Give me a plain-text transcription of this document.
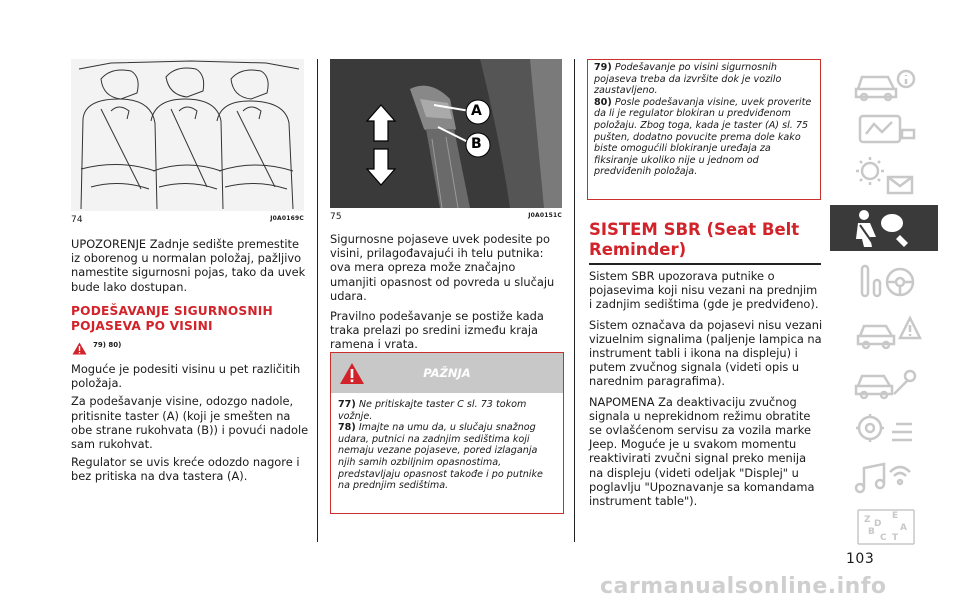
74	J0A0169C

UPOZORENJE Zadnje sedište premestite iz oborenog u normalan položaj, pažljivo namestite sigurnosni pojas, tako da uvek bude lako dostupan.

PODEŠAVANJE SIGURNOSNIH POJASEVA PO VISINI
79) 80)

Moguće je podesiti visinu u pet različitih položaja.

Za podešavanje visine, odozgo nadole, pritisnite taster (A) (koji je smešten na obe strane rukohvata (B)) i povući nadole sam rukohvat.

Regulator se uvis kreće odozdo nagore i bez pritiska na dva tastera (A).

A
B
75	J0A0151C

Sigurnosne pojaseve uvek podesite po visini, prilagođavajući ih telu putnika: ova mera opreza može značajno umanjiti opasnost od povreda u slučaju udara.

Pravilno podešavanje se postiže kada traka prelazi po sredini između kraja ramena i vrata.

PAŽNJA

77) Ne pritiskajte taster C sl. 73 tokom vožnje.

78) Imajte na umu da, u slučaju snažnog udara, putnici na zadnjim sedištima koji nemaju vezane pojaseve, pored izlaganja njih samih ozbiljnim opasnostima, predstavljaju opasnost takođe i po putnike na prednjim sedištima.

79) Podešavanje po visini sigurnosnih pojaseva treba da izvršite dok je vozilo zaustavljeno.

80) Posle podešavanja visine, uvek proverite da li je regulator blokiran u predviđenom položaju. Zbog toga, kada je taster (A) sl. 75 pušten, dodatno povucite prema dole kako biste omogućili blokiranje uređaja za fiksiranje ukoliko nije u jednom od predviđenih položaja.

SISTEM SBR (Seat Belt
Reminder)

Sistem SBR upozorava putnike o pojasevima koji nisu vezani na prednjim i zadnjim sedištima (gde je predviđeno).

Sistem označava da pojasevi nisu vezani vizuelnim signalima (paljenje lampica na instrument tabli i ikona na displeju) i putem zvučnog signala (videti opis u narednim paragrafima).

NAPOMENA Za deaktivaciju zvučnog signala u neprekidnom režimu obratite se ovlašćenom servisu za vozila marke Jeep. Moguće je u svakom momentu reaktivirati zvučni signal preko menija na displeju (videti odeljak "Displej" u poglavlju "Upoznavanje sa komandama instrument table").

Z E
B
C T
A
D
103
carmanualsonline.info
